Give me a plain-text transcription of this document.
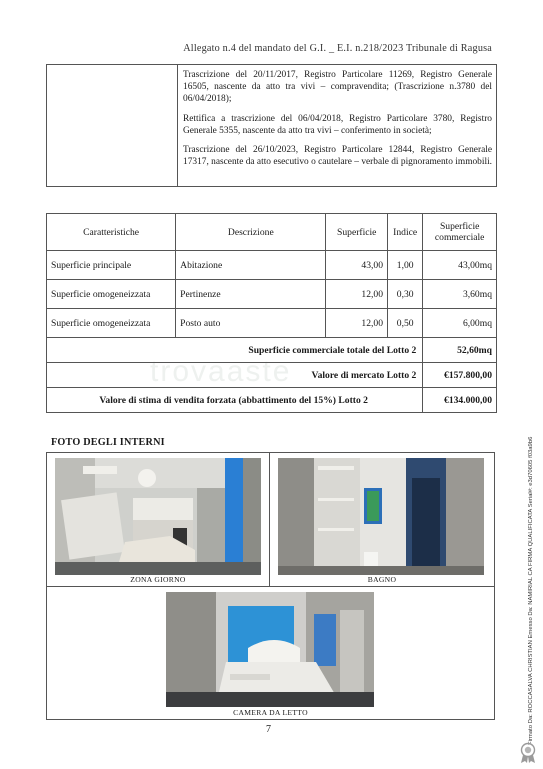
Allegato n.4 del mandato del G.I. _ E.I. n.218/2023 Tribunale di Ragusa

Trascrizione del 20/11/2017, Registro Particolare 11269, Registro Generale 16505, nascente da atto tra vivi – compravendita; (Trascrizione n.3780 del 06/04/2018);

Rettifica a trascrizione del 06/04/2018, Registro Particolare 3780, Registro Generale 5355, nascente da atto tra vivi – conferimento in società;

Trascrizione del 26/10/2023, Registro Particolare 12844, Registro Generale 17317, nascente da atto esecutivo o cautelare – verbale di pignoramento immobili.

trovaaste
Caratteristiche	Descrizione	Superficie	Indice	Superficie commerciale
Superficie principale	Abitazione	43,00	1,00	43,00mq
Superficie omogeneizzata	Pertinenze	12,00	0,30	3,60mq
Superficie omogeneizzata	Posto auto	12,00	0,50	6,00mq
Superficie commerciale totale del Lotto 2				52,60mq
Valore di mercato Lotto 2				€157.800,00
Valore di stima di vendita forzata (abbattimento del 15%) Lotto 2				€134.000,00
FOTO DEGLI INTERNI
ZONA GIORNO	BAGNO
CAMERA DA LETTO
7	Firmato Da: ROCCASALVA CHRISTIAN Emesso Da: NAMIRIAL CA FIRMA QUALIFICATA Serial#: e3d70605 f03a9b6
